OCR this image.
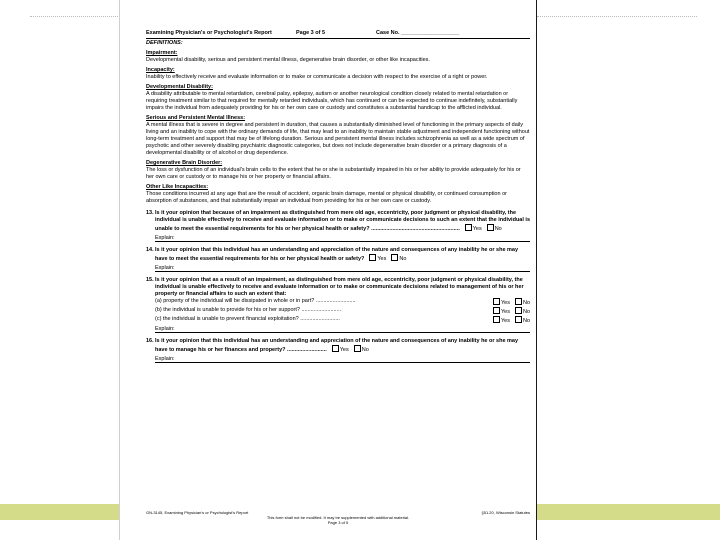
Examining Physician's or Psychologist's Report	Page 3 of 5	Case No. ___________________
DEFINITIONS:
Impairment:

Developmental disability, serious and persistent mental illness, degenerative brain disorder, or other like incapacities.

Incapacity:

Inability to effectively receive and evaluate information or to make or communicate a decision with respect to the exercise of a right or power.

Developmental Disability:

A disability attributable to mental retardation, cerebral palsy, epilepsy, autism or another neurological condition closely related to mental retardation or requiring treatment similar to that required for mentally retarded individuals, which has continued or can be expected to continue indefinitely, substantially impairs the individual from adequately providing for his or her own care or custody and constitutes a substantial handicap to the afflicted individual.

Serious and Persistent Mental Illness:

A mental illness that is severe in degree and persistent in duration, that causes a substantially diminished level of functioning in the primary aspects of daily living and an inability to cope with the ordinary demands of life, that may lead to an inability to maintain stable adjustment and independent functioning without long-term treatment and support that may be of lifelong duration. Serious and persistent mental illness includes schizophrenia as well as a wide spectrum of psychotic and other severely disabling psychiatric diagnostic categories, but does not include degenerative brain disorder or a primary diagnosis of a developmental disability or of alcohol or drug dependence.

Degenerative Brain Disorder:

The loss or dysfunction of an individual's brain cells to the extent that he or she is substantially impaired in his or her ability to provide adequately for his or her own care or custody or to manage his or her property or financial affairs.

Other Like Incapacities:

Those conditions incurred at any age that are the result of accident, organic brain damage, mental or physical disability, or continued consumption or absorption of substances, and that substantially impair an individual from providing for his or her own care or custody.

13. Is it your opinion that because of an impairment as distinguished from mere old age, eccentricity, poor judgment or physical disability, the individual is unable effectively to receive and evaluate information or to make or communicate decisions to such an extent that the individual is unable to meet the essential requirements for his or her physical health or safety? .......................................................... Yes No
Explain:
14. Is it your opinion that this individual has an understanding and appreciation of the nature and consequences of any inability he or she may have to meet the essential requirements for his or her physical health or safety? Yes No
Explain:
15. Is it your opinion that as a result of an impairment, as distinguished from mere old age, eccentricity, poor judgment or physical disability, the individual is unable effectively to receive and evaluate information or to make or communicate decisions related to management of his or her property or financial affairs to such an extent that:
(a) property of the individual will be dissipated in whole or in part? ..........................	Yes No
(b) the individual is unable to provide for his or her support? ..........................	Yes No
(c) the individual is unable to prevent financial exploitation? ..........................	Yes No
Explain:
16. Is it your opinion that this individual has an understanding and appreciation of the nature and consequences of any inability he or she may have to manage his or her finances and property? .......................... Yes No
Explain:
GN-3145, Examining Physician's or Psychologist's Report	§51.20, Wisconsin Statutes
This form shall not be modified. It may be supplemented with additional material.
Page 3 of 5
